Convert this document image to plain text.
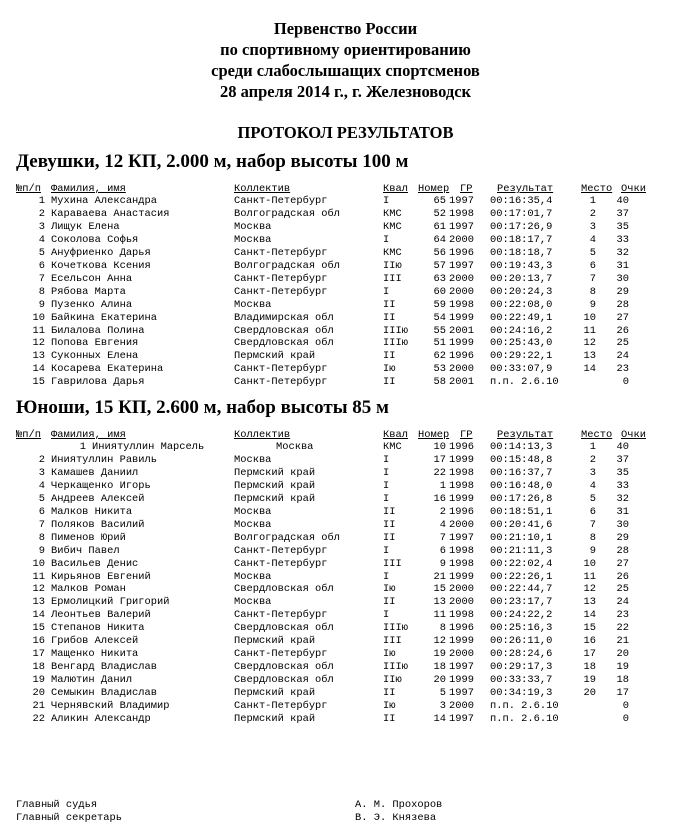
Первенство России
по спортивному ориентированию
среди слабослышащих спортсменов
28 апреля 2014 г., г. Железноводск
ПРОТОКОЛ РЕЗУЛЬТАТОВ
Девушки, 12 КП, 2.000 м, набор высоты 100 м
№п/п Фамилия, имя	Коллектив	Квал Номер ГР Результат	Место Очки
1 Мухина Александра	Санкт-Петербург	I	65 1997 00:16:35,4	1 40
2 Караваева Анастасия	Волгоградская обл	КМС	52 1998 00:17:01,7	2 37
3 Лищук Елена	Москва	КМС	61 1997 00:17:26,9	3 35
4 Соколова Софья	Москва	I	64 2000 00:18:17,7	4 33
5 Ануфриенко Дарья	Санкт-Петербург	КМС	56 1996 00:18:18,7	5 32
6 Кочеткова Ксения	Волгоградская обл	IIю	57 1997 00:19:43,3	6 31
7 Есельсон Анна	Санкт-Петербург	III	63 2000 00:20:13,7	7 30
8 Рябова Марта	Санкт-Петербург	I	60 2000 00:20:24,3	8 29
9 Пузенко Алина	Москва	II	59 1998 00:22:08,0	9 28
10 Байкина Екатерина	Владимирская обл	II	54 1999 00:22:49,1	10 27
11 Билалова Полина	Свердловская обл	IIIю 55 2001 00:24:16,2	11 26
12 Попова Евгения	Свердловская обл	IIIю 51 1999 00:25:43,0	12 25
13 Суконных Елена	Пермский край	II	62 1996 00:29:22,1	13 24
14 Косарева Екатерина	Санкт-Петербург	Iю	53 2000 00:33:07,9	14 23
15 Гаврилова Дарья	Санкт-Петербург	II	58 2001 п.п. 2.6.10	0
Юноши, 15 КП, 2.600 м, набор высоты 85 м
№п/п Фамилия, имя	Коллектив	Квал Номер ГР Результат	Место Очки
1 Иниятуллин Марсель	Москва	КМС	10 1996 00:14:13,3	1 40
2 Иниятуллин Равиль	Москва	I	17 1999 00:15:48,8	2 37
3 Камашев Даниил	Пермский край	I	22 1998 00:16:37,7	3 35
4 Черкащенко Игорь	Пермский край	I	1 1998 00:16:48,0	4 33
5 Андреев Алексей	Пермский край	I	16 1999 00:17:26,8	5 32
6 Малков Никита	Москва	II	2 1996 00:18:51,1	6 31
7 Поляков Василий	Москва	II	4 2000 00:20:41,6	7 30
8 Пименов Юрий	Волгоградская обл	II	7 1997 00:21:10,1	8 29
9 Вибич Павел	Санкт-Петербург	I	6 1998 00:21:11,3	9 28
10 Васильев Денис	Санкт-Петербург	III	9 1998 00:22:02,4	10 27
11 Кирьянов Евгений	Москва	I	21 1999 00:22:26,1	11 26
12 Малков Роман	Свердловская обл	Iю	15 2000 00:22:44,7	12 25
13 Ермолицкий Григорий	Москва	II	13 2000 00:23:17,7	13 24
14 Леонтьев Валерий	Санкт-Петербург	I	11 1998 00:24:22,2	14 23
15 Степанов Никита	Свердловская обл	IIIю	8 1996 00:25:16,3	15 22
16 Грибов Алексей	Пермский край	III	12 1999 00:26:11,0	16 21
17 Мащенко Никита	Санкт-Петербург	Iю	19 2000 00:28:24,6	17 20
18 Венгард Владислав	Свердловская обл	IIIю 18 1997 00:29:17,3	18 19
19 Малютин Данил	Свердловская обл	IIю	20 1999 00:33:33,7	19 18
20 Семыкин Владислав	Пермский край	II	5 1997 00:34:19,3	20 17
21 Чернявский Владимир	Санкт-Петербург	Iю	3 2000 п.п. 2.6.10	0
22 Аликин Александр	Пермский край	II	14 1997 п.п. 2.6.10	0
Главный судья	А. М. Прохоров
Главный секретарь	В. Э. Князева
